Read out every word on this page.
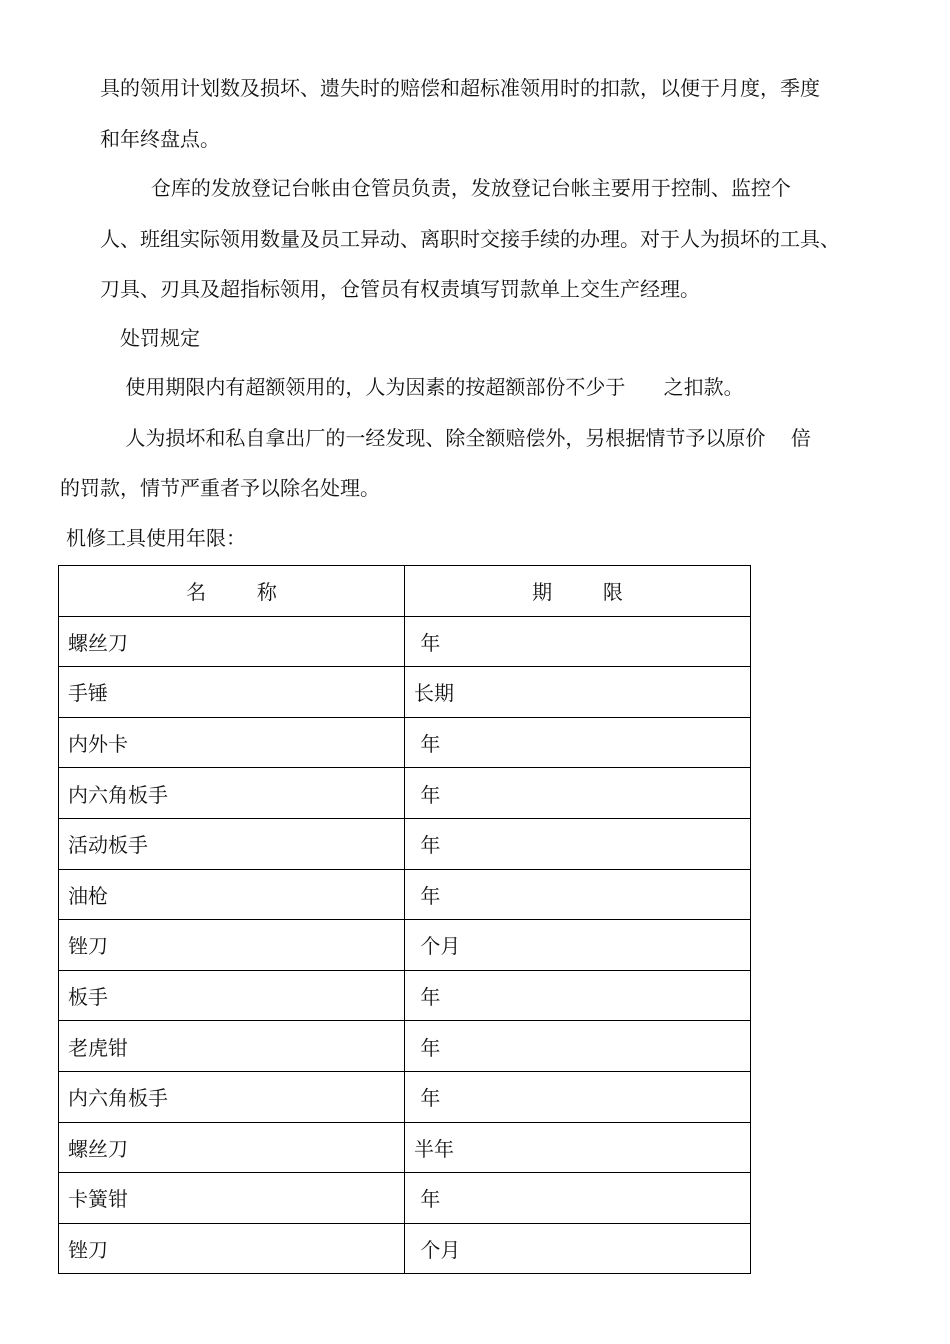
具的领用计划数及损坏、遗失时的赔偿和超标准领用时的扣款，以便于月度，季度

和年终盘点。

仓库的发放登记台帐由仓管员负责，发放登记台帐主要用于控制、监控个

人、班组实际领用数量及员工异动、离职时交接手续的办理。对于人为损坏的工具、

刀具、刃具及超指标领用，仓管员有权责填写罚款单上交生产经理。

处罚规定

使用期限内有超额领用的，人为因素的按超额部份不少于      之扣款。

人为损坏和私自拿出厂的一经发现、除全额赔偿外，另根据情节予以原价    倍

的罚款，情节严重者予以除名处理。

机修工具使用年限：

名        称	期        限
螺丝刀	年
手锤	长期
内外卡	年
内六角板手	年
活动板手	年
油枪	年
锉刀	个月
板手	年
老虎钳	年
内六角板手	年
螺丝刀	半年
卡簧钳	年
锉刀	个月
